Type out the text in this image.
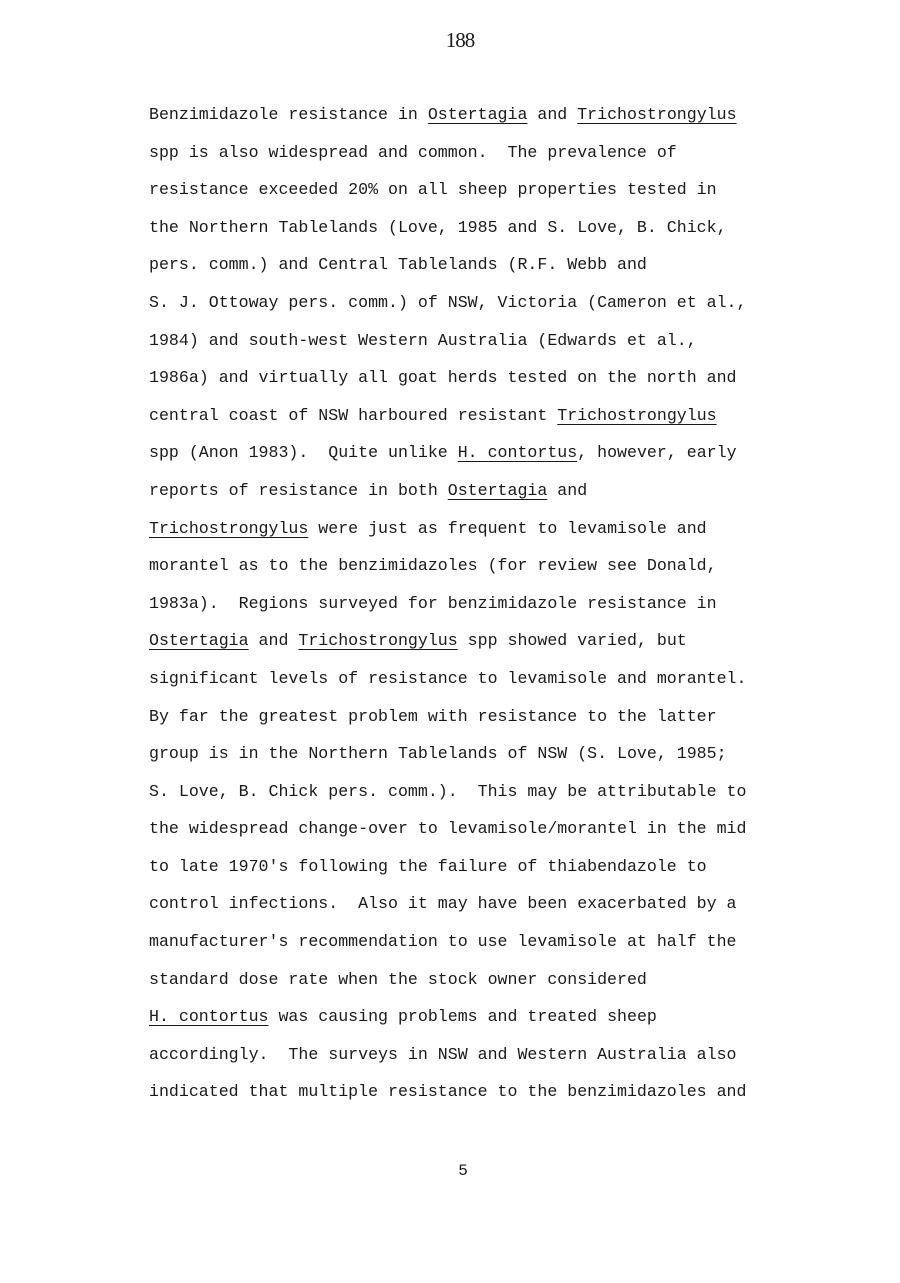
188
Benzimidazole resistance in Ostertagia and Trichostrongylus
spp is also widespread and common.  The prevalence of
resistance exceeded 20% on all sheep properties tested in
the Northern Tablelands (Love, 1985 and S. Love, B. Chick,
pers. comm.) and Central Tablelands (R.F. Webb and
S. J. Ottoway pers. comm.) of NSW, Victoria (Cameron et al.,
1984) and south-west Western Australia (Edwards et al.,
1986a) and virtually all goat herds tested on the north and
central coast of NSW harboured resistant Trichostrongylus
spp (Anon 1983).  Quite unlike H. contortus, however, early
reports of resistance in both Ostertagia and
Trichostrongylus were just as frequent to levamisole and
morantel as to the benzimidazoles (for review see Donald,
1983a).  Regions surveyed for benzimidazole resistance in
Ostertagia and Trichostrongylus spp showed varied, but
significant levels of resistance to levamisole and morantel.
By far the greatest problem with resistance to the latter
group is in the Northern Tablelands of NSW (S. Love, 1985;
S. Love, B. Chick pers. comm.).  This may be attributable to
the widespread change-over to levamisole/morantel in the mid
to late 1970's following the failure of thiabendazole to
control infections.  Also it may have been exacerbated by a
manufacturer's recommendation to use levamisole at half the
standard dose rate when the stock owner considered
H. contortus was causing problems and treated sheep
accordingly.  The surveys in NSW and Western Australia also
indicated that multiple resistance to the benzimidazoles and
5
